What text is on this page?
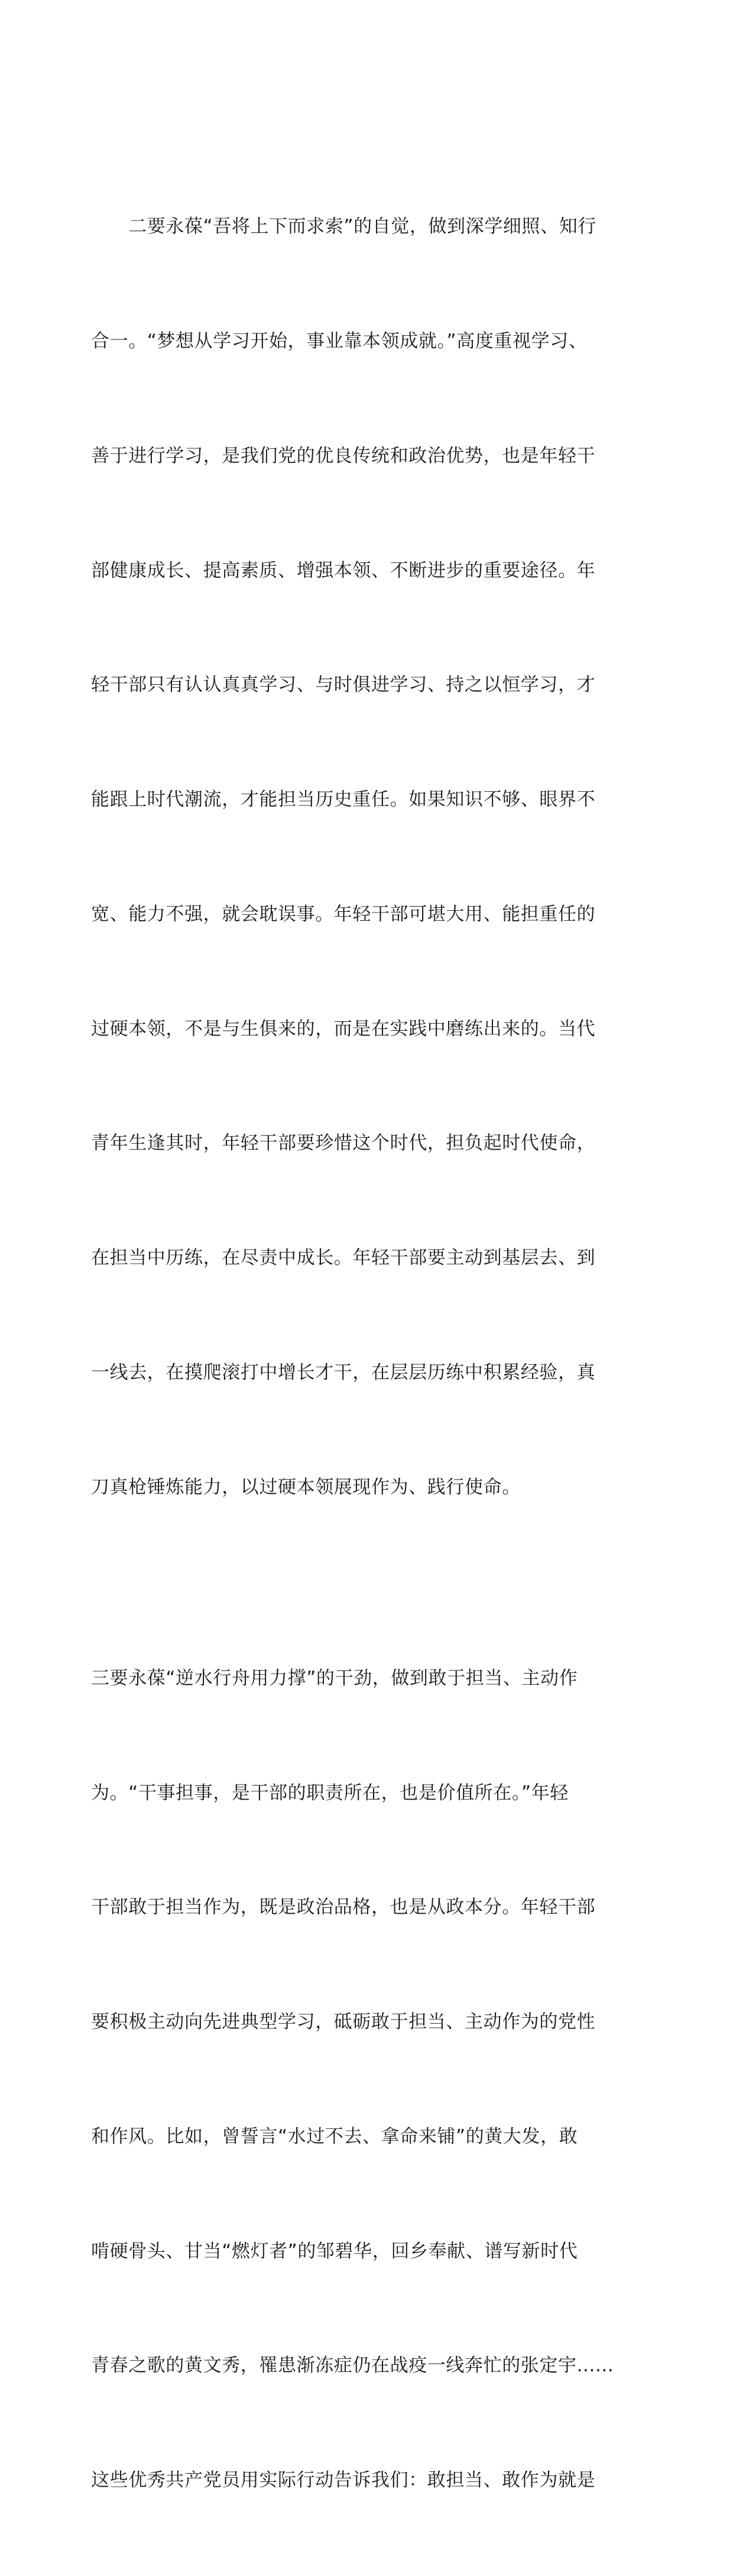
　　二要永葆“吾将上下而求索”的自觉，做到深学细照、知行

合一。“梦想从学习开始，事业靠本领成就。”高度重视学习、

善于进行学习，是我们党的优良传统和政治优势，也是年轻干

部健康成长、提高素质、增强本领、不断进步的重要途径。年

轻干部只有认认真真学习、与时俱进学习、持之以恒学习，才

能跟上时代潮流，才能担当历史重任。如果知识不够、眼界不

宽、能力不强，就会耽误事。年轻干部可堪大用、能担重任的

过硬本领，不是与生俱来的，而是在实践中磨练出来的。当代

青年生逢其时，年轻干部要珍惜这个时代，担负起时代使命，

在担当中历练，在尽责中成长。年轻干部要主动到基层去、到

一线去，在摸爬滚打中增长才干，在层层历练中积累经验，真

刀真枪锤炼能力，以过硬本领展现作为、践行使命。

三要永葆“逆水行舟用力撑”的干劲，做到敢于担当、主动作

为。“干事担事，是干部的职责所在，也是价值所在。”年轻

干部敢于担当作为，既是政治品格，也是从政本分。年轻干部

要积极主动向先进典型学习，砥砺敢于担当、主动作为的党性

和作风。比如，曾誓言“水过不去、拿命来铺”的黄大发，敢

啃硬骨头、甘当“燃灯者”的邹碧华，回乡奉献、谱写新时代

青春之歌的黄文秀，罹患渐冻症仍在战疫一线奔忙的张定宇......

这些优秀共产党员用实际行动告诉我们：敢担当、敢作为就是
